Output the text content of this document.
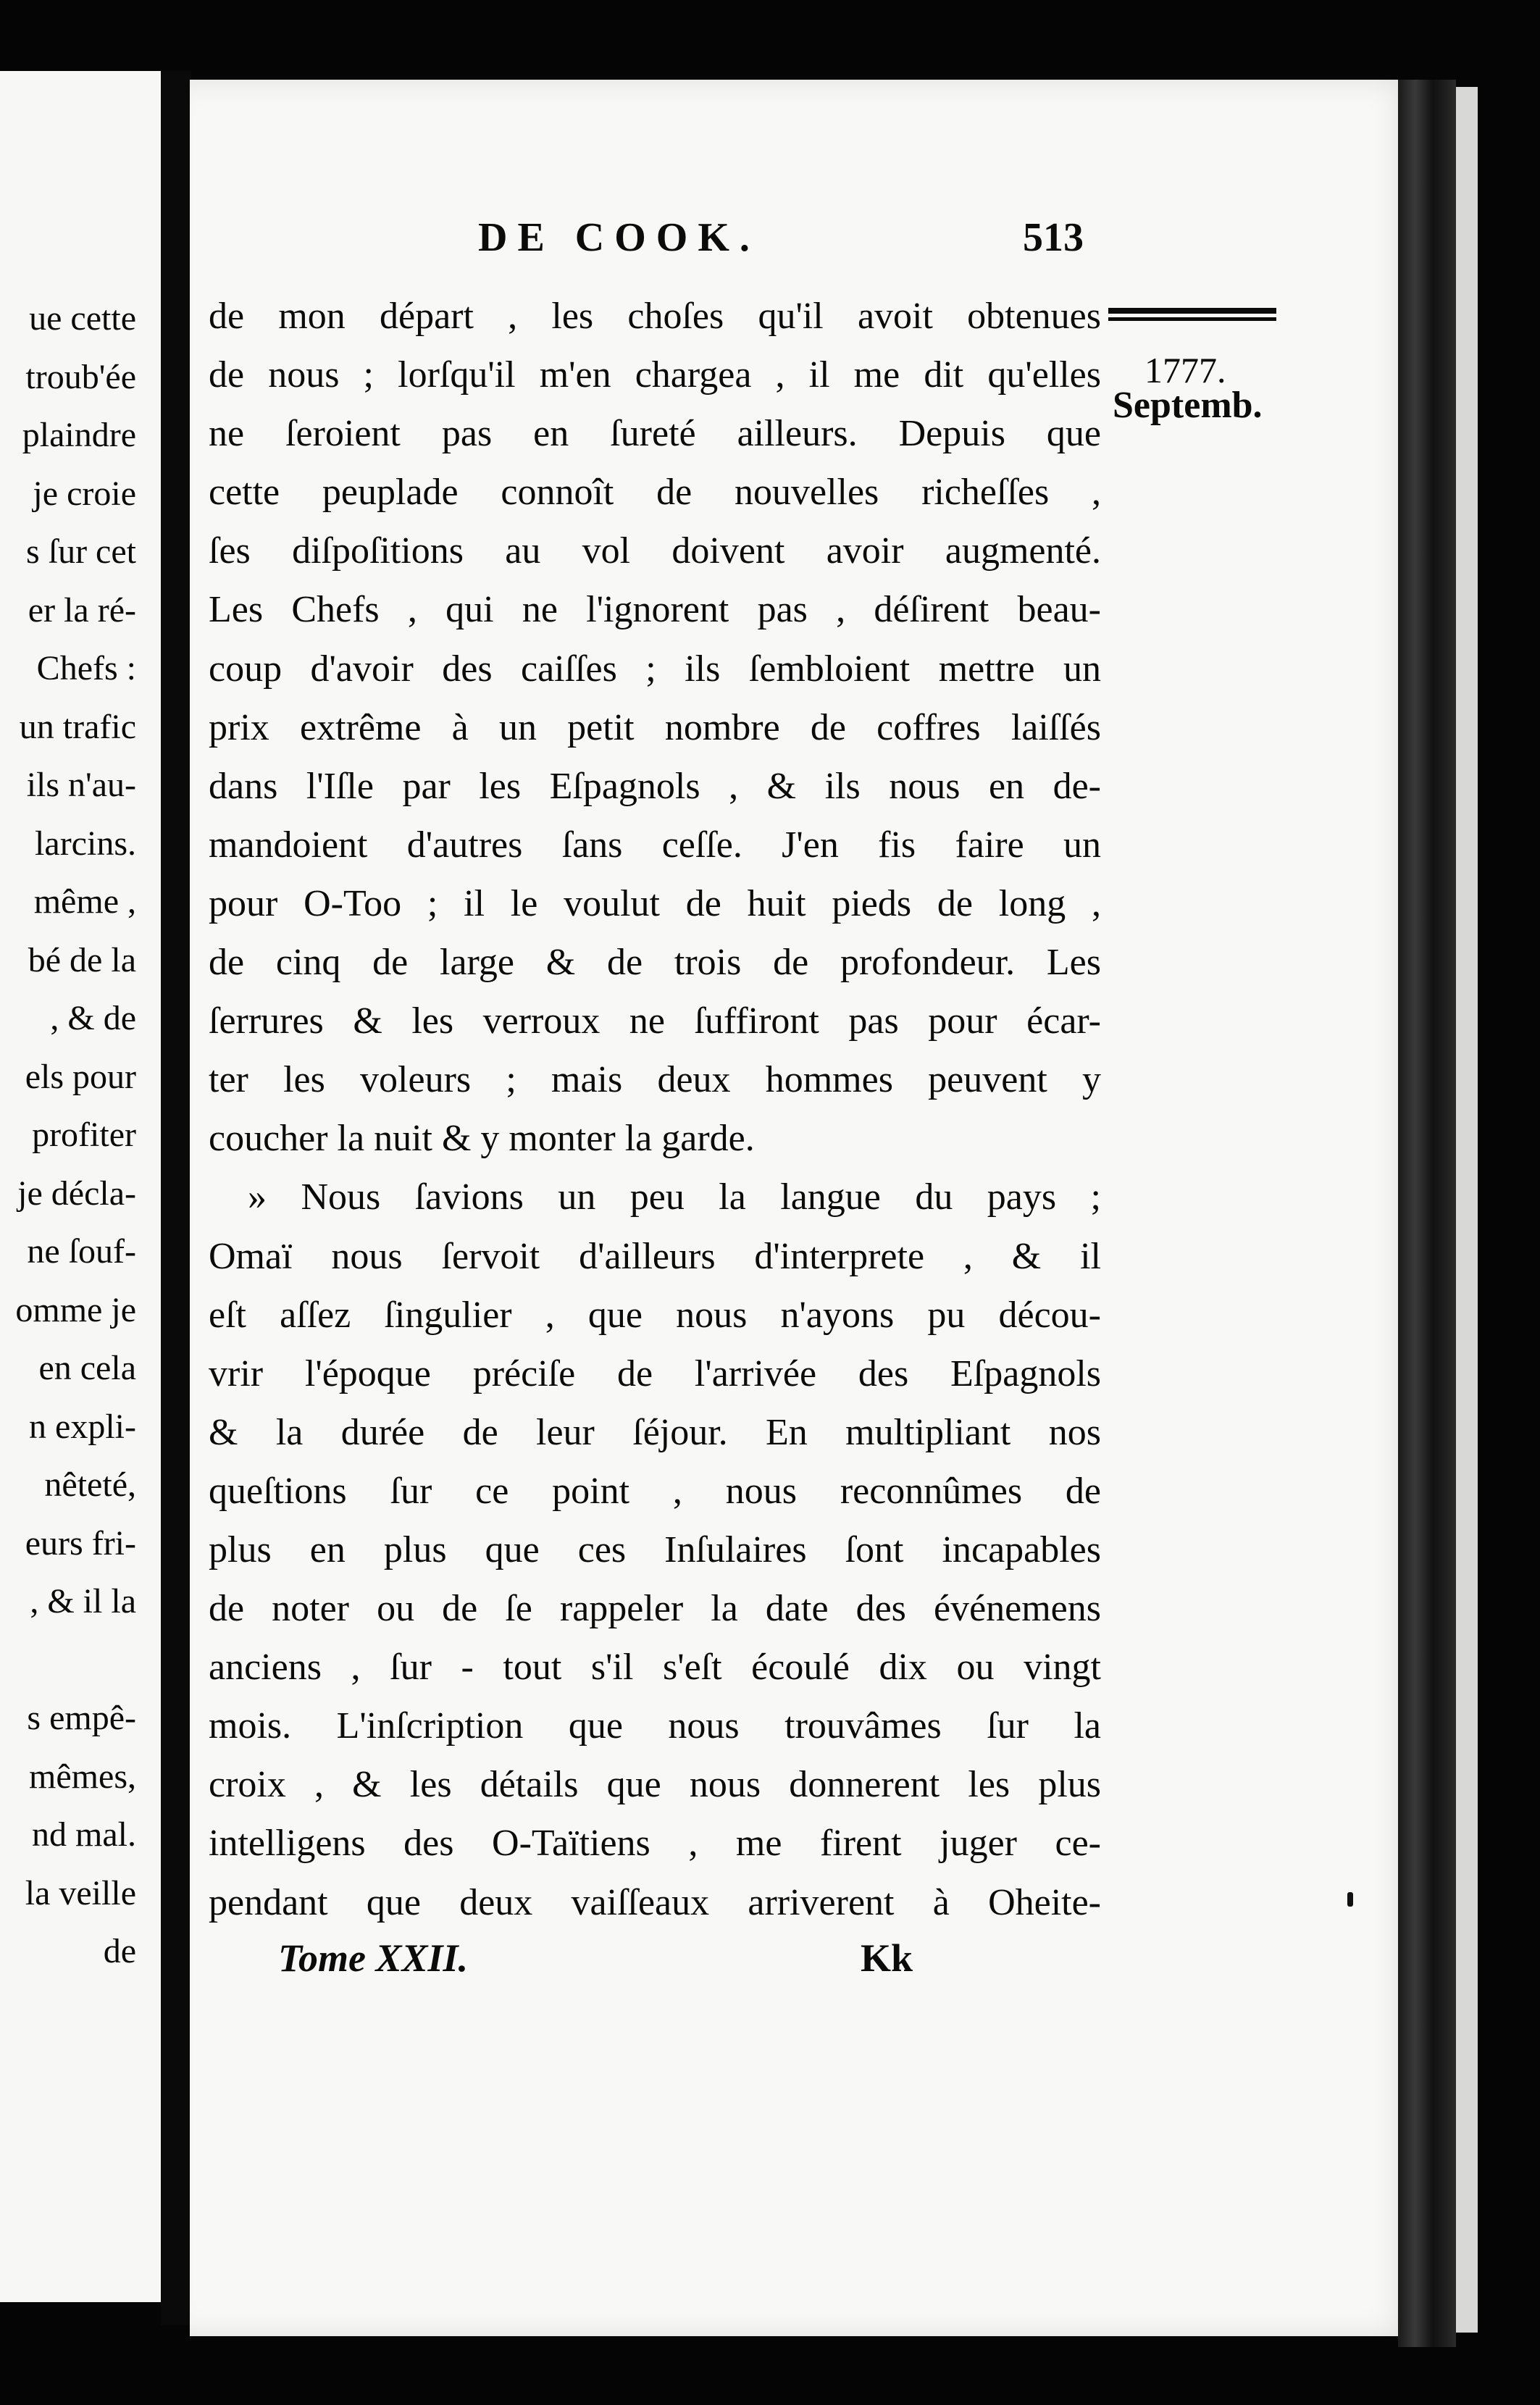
ue cette
troub'ée
plaindre
je croie
s ſur cet
er la ré-
Chefs :
un trafic
ils n'au-
larcins.
même ,
bé de la
, & de
els pour
profiter
je décla-
ne ſouf-
omme je
en cela
n expli-
nêteté,
eurs fri-
, & il la
s empê-
mêmes,
nd mal.
la veille
de
DE COOK.	513
1777.
Septemb.
de mon départ , les choſes qu'il avoit obtenues
de nous ; lorſqu'il m'en chargea , il me dit qu'elles
ne ſeroient pas en ſureté ailleurs. Depuis que
cette peuplade connoît de nouvelles richeſſes ,
ſes diſpoſitions au vol doivent avoir augmenté.
Les Chefs , qui ne l'ignorent pas , déſirent beau-
coup d'avoir des caiſſes ; ils ſembloient mettre un
prix extrême à un petit nombre de coffres laiſſés
dans l'Iſle par les Eſpagnols , & ils nous en de-
mandoient d'autres ſans ceſſe. J'en fis faire un
pour O-Too ; il le voulut de huit pieds de long ,
de cinq de large & de trois de profondeur. Les
ſerrures & les verroux ne ſuffiront pas pour écar-
ter les voleurs ; mais deux hommes peuvent y
coucher la nuit & y monter la garde.
» Nous ſavions un peu la langue du pays ;
Omaï nous ſervoit d'ailleurs d'interprete , & il
eſt aſſez ſingulier , que nous n'ayons pu décou-
vrir l'époque préciſe de l'arrivée des Eſpagnols
& la durée de leur ſéjour. En multipliant nos
queſtions ſur ce point , nous reconnûmes de
plus en plus que ces Inſulaires ſont incapables
de noter ou de ſe rappeler la date des événemens
anciens , ſur - tout s'il s'eſt écoulé dix ou vingt
mois. L'inſcription que nous trouvâmes ſur la
croix , & les détails que nous donnerent les plus
intelligens des O-Taïtiens , me firent juger ce-
pendant que deux vaiſſeaux arriverent à Oheite-
Tome XXII.	Kk
